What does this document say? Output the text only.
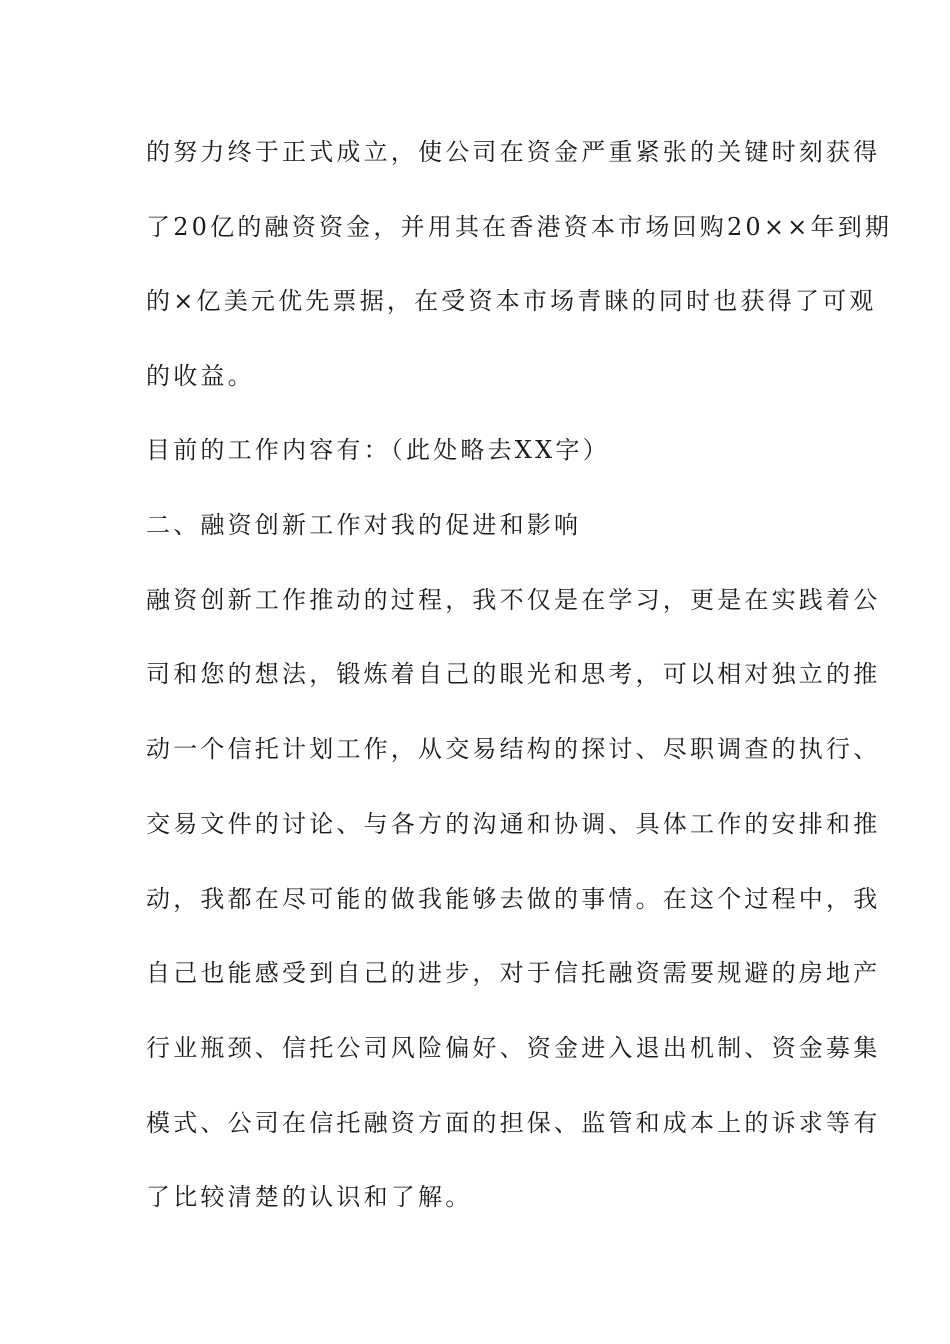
的努力终于正式成立，使公司在资金严重紧张的关键时刻获得
了20亿的融资资金，并用其在香港资本市场回购20××年到期
的×亿美元优先票据，在受资本市场青睐的同时也获得了可观
的收益。
目前的工作内容有：（此处略去XX字）
二、融资创新工作对我的促进和影响
融资创新工作推动的过程，我不仅是在学习，更是在实践着公
司和您的想法，锻炼着自己的眼光和思考，可以相对独立的推
动一个信托计划工作，从交易结构的探讨、尽职调查的执行、
交易文件的讨论、与各方的沟通和协调、具体工作的安排和推
动，我都在尽可能的做我能够去做的事情。在这个过程中，我
自己也能感受到自己的进步，对于信托融资需要规避的房地产
行业瓶颈、信托公司风险偏好、资金进入退出机制、资金募集
模式、公司在信托融资方面的担保、监管和成本上的诉求等有
了比较清楚的认识和了解。
